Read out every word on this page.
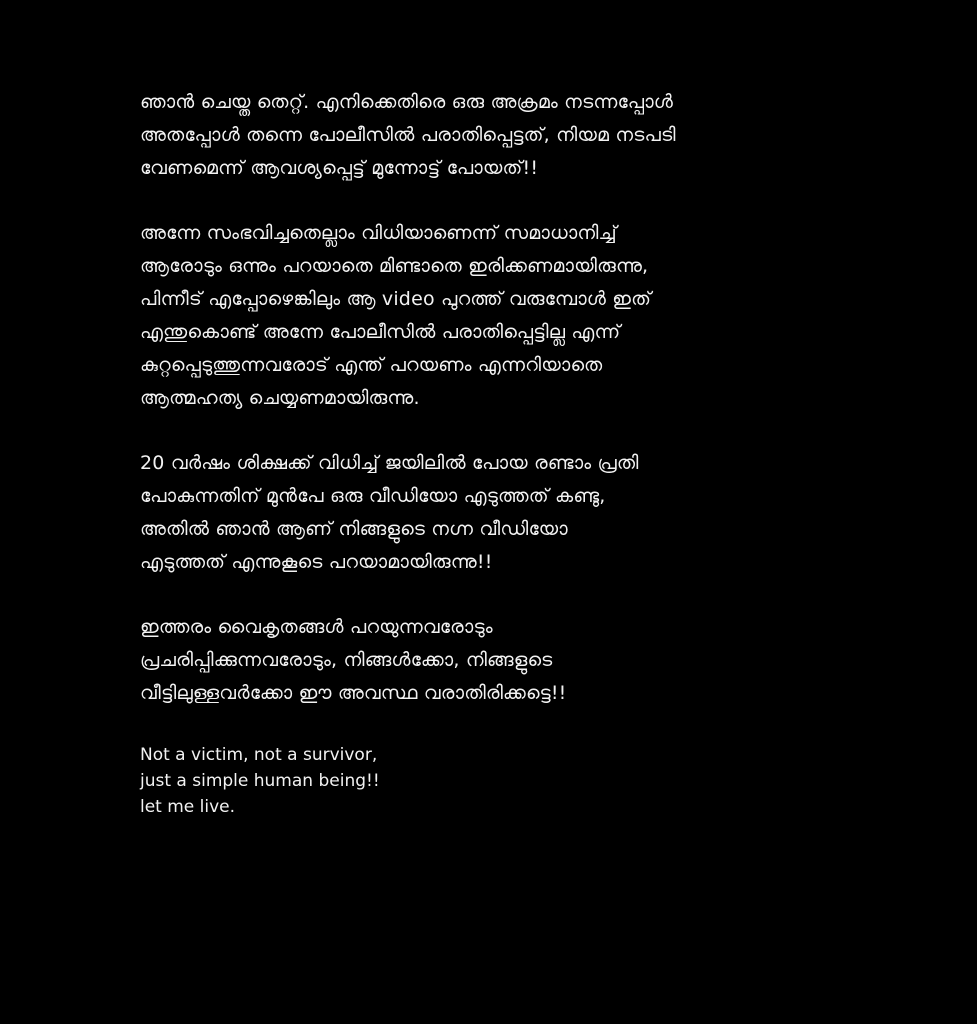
ഞാൻ ചെയ്ത തെറ്റ്. എനിക്കെതിരെ ഒരു അക്രമം നടന്നപ്പോൾ
അതപ്പോൾ തന്നെ പോലീസിൽ പരാതിപ്പെട്ടത്, നിയമ നടപടി
വേണമെന്ന് ആവശ്യപ്പെട്ട് മുന്നോട്ട് പോയത്!!
അന്നേ സംഭവിച്ചതെല്ലാം വിധിയാണെന്ന് സമാധാനിച്ച്
ആരോടും ഒന്നും പറയാതെ മിണ്ടാതെ ഇരിക്കണമായിരുന്നു,
പിന്നീട് എപ്പോഴെങ്കിലും ആ video പുറത്ത് വരുമ്പോൾ ഇത്
എന്തുകൊണ്ട് അന്നേ പോലീസിൽ പരാതിപ്പെട്ടില്ല എന്ന്
കുറ്റപ്പെടുത്തുന്നവരോട് എന്ത് പറയണം എന്നറിയാതെ
ആത്മഹത്യ ചെയ്യണമായിരുന്നു.
20 വർഷം ശിക്ഷക്ക് വിധിച്ച് ജയിലിൽ പോയ രണ്ടാം പ്രതി
പോകുന്നതിന് മുൻപേ ഒരു വീഡിയോ എടുത്തത് കണ്ടു,
അതിൽ ഞാൻ ആണ് നിങ്ങളുടെ നഗ്ന വീഡിയോ
എടുത്തത് എന്നുകൂടെ പറയാമായിരുന്നു!!
ഇത്തരം വൈകൃതങ്ങൾ പറയുന്നവരോടും
പ്രചരിപ്പിക്കുന്നവരോടും, നിങ്ങൾക്കോ, നിങ്ങളുടെ
വീട്ടിലുള്ളവർക്കോ ഈ അവസ്ഥ വരാതിരിക്കട്ടെ!!
Not a victim, not a survivor,
just a simple human being!!
let me live.
